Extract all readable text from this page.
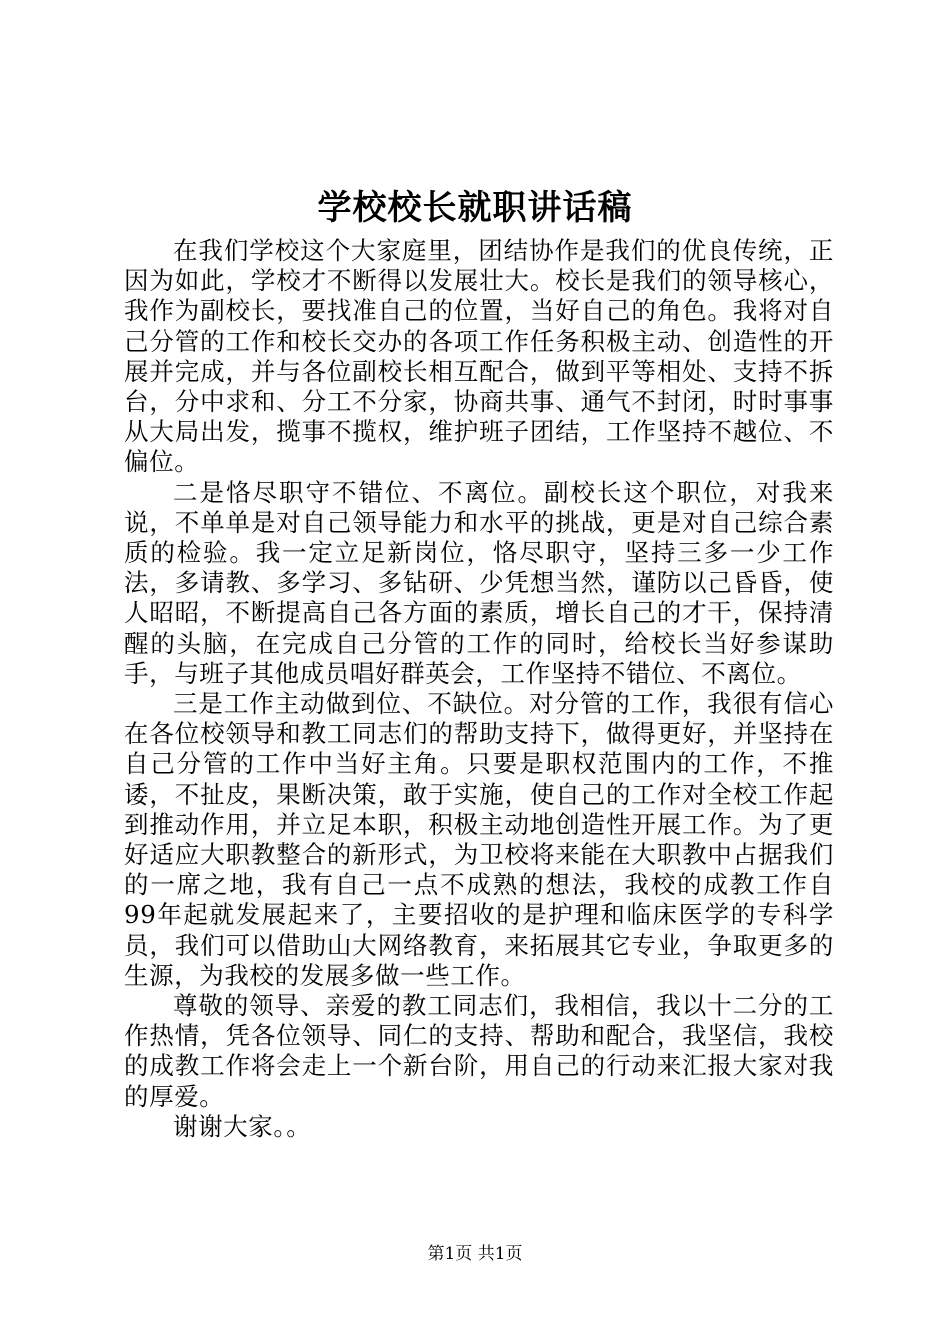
学校校长就职讲话稿

在我们学校这个大家庭里，团结协作是我们的优良传统，正因为如此，学校才不断得以发展壮大。校长是我们的领导核心，我作为副校长，要找准自己的位置，当好自己的角色。我将对自己分管的工作和校长交办的各项工作任务积极主动、创造性的开展并完成，并与各位副校长相互配合，做到平等相处、支持不拆台，分中求和、分工不分家，协商共事、通气不封闭，时时事事从大局出发，揽事不揽权，维护班子团结，工作坚持不越位、不偏位。

二是恪尽职守不错位、不离位。副校长这个职位，对我来说，不单单是对自己领导能力和水平的挑战，更是对自己综合素质的检验。我一定立足新岗位，恪尽职守，坚持三多一少工作法，多请教、多学习、多钻研、少凭想当然，谨防以己昏昏，使人昭昭，不断提高自己各方面的素质，增长自己的才干，保持清醒的头脑，在完成自己分管的工作的同时，给校长当好参谋助手，与班子其他成员唱好群英会，工作坚持不错位、不离位。

三是工作主动做到位、不缺位。对分管的工作，我很有信心在各位校领导和教工同志们的帮助支持下，做得更好，并坚持在自己分管的工作中当好主角。只要是职权范围内的工作，不推诿，不扯皮，果断决策，敢于实施，使自己的工作对全校工作起到推动作用，并立足本职，积极主动地创造性开展工作。为了更好适应大职教整合的新形式，为卫校将来能在大职教中占据我们的一席之地，我有自己一点不成熟的想法，我校的成教工作自99年起就发展起来了，主要招收的是护理和临床医学的专科学员，我们可以借助山大网络教育，来拓展其它专业，争取更多的生源，为我校的发展多做一些工作。

尊敬的领导、亲爱的教工同志们，我相信，我以十二分的工作热情，凭各位领导、同仁的支持、帮助和配合，我坚信，我校的成教工作将会走上一个新台阶，用自己的行动来汇报大家对我的厚爱。

谢谢大家。。

第1页 共1页
